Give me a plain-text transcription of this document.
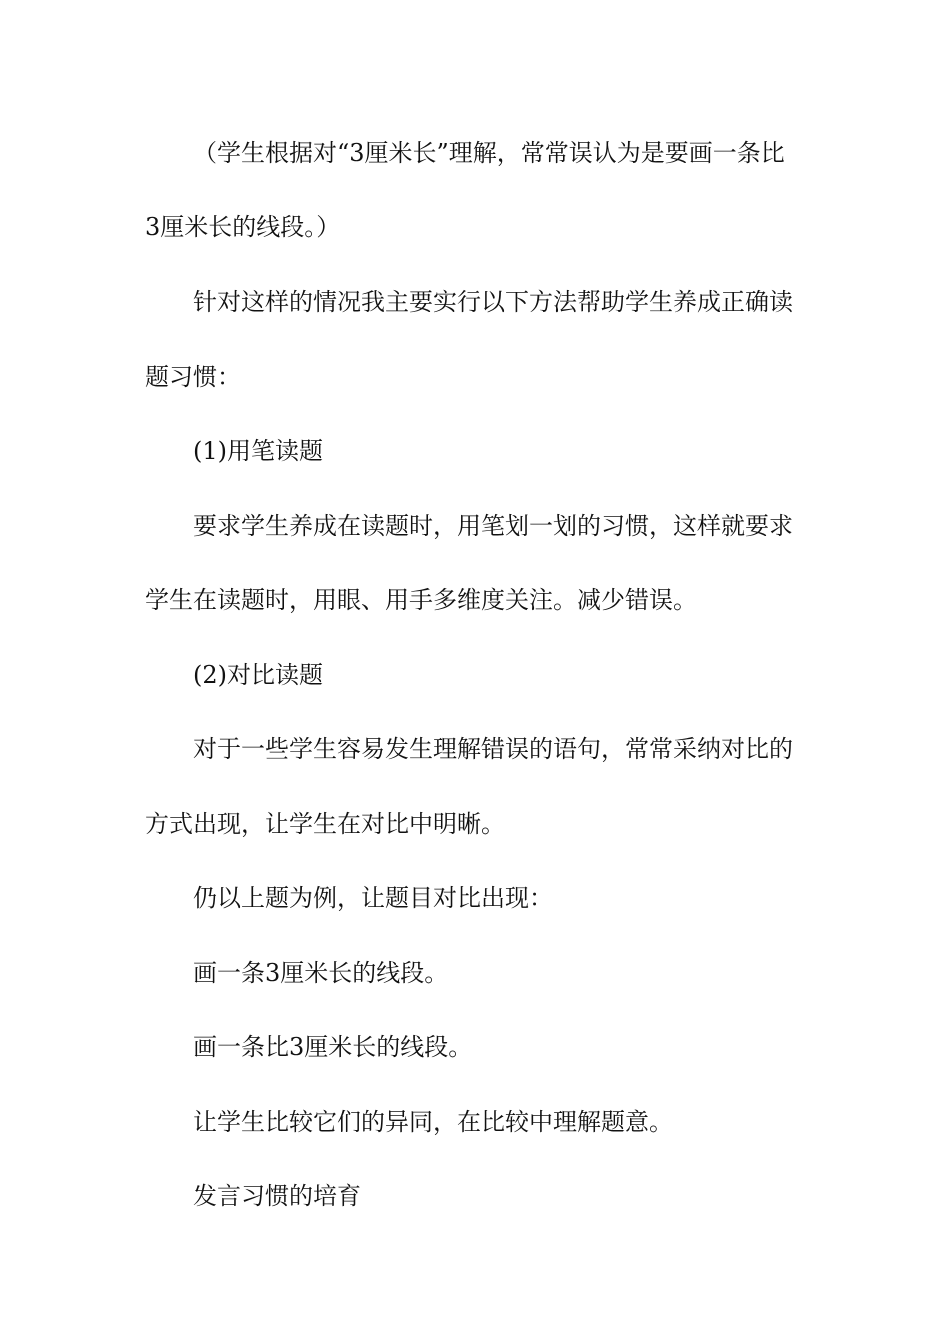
（学生根据对“3厘米长”理解，常常误认为是要画一条比

3厘米长的线段。）

针对这样的情况我主要实行以下方法帮助学生养成正确读

题习惯：

(1)用笔读题

要求学生养成在读题时，用笔划一划的习惯，这样就要求

学生在读题时，用眼、用手多维度关注。减少错误。

(2)对比读题

对于一些学生容易发生理解错误的语句，常常采纳对比的

方式出现，让学生在对比中明晰。

仍以上题为例，让题目对比出现：

画一条3厘米长的线段。

画一条比3厘米长的线段。

让学生比较它们的异同，在比较中理解题意。

发言习惯的培育
